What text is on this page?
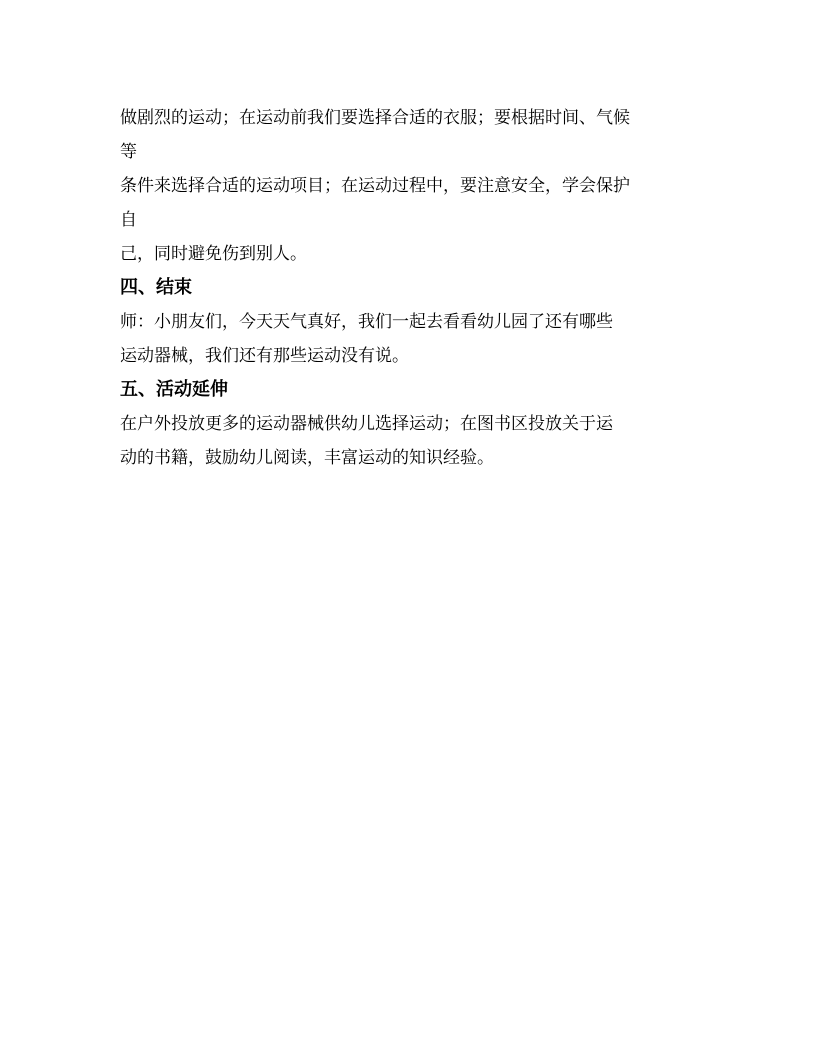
做剧烈的运动；在运动前我们要选择合适的衣服；要根据时间、气候
等
条件来选择合适的运动项目；在运动过程中，要注意安全，学会保护
自
己，同时避免伤到别人。
四、结束
师：小朋友们，今天天气真好，我们一起去看看幼儿园了还有哪些
运动器械，我们还有那些运动没有说。
五、活动延伸
在户外投放更多的运动器械供幼儿选择运动；在图书区投放关于运
动的书籍，鼓励幼儿阅读，丰富运动的知识经验。
